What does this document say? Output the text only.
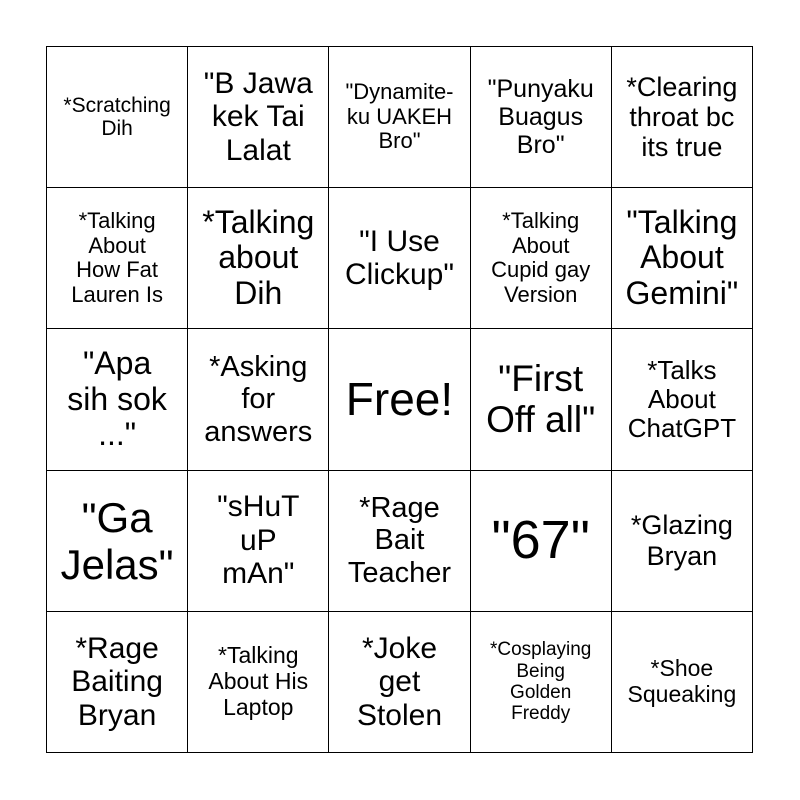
*Scratching
Dih
"B Jawa
kek Tai
Lalat
"Dynamite-
ku UAKEH
Bro"
"Punyaku
Buagus
Bro"
*Clearing
throat bc
its true
*Talking
About
How Fat
Lauren Is
*Talking
about
Dih
"I Use
Clickup"
*Talking
About
Cupid gay
Version
"Talking
About
Gemini"
"Apa
sih sok
..."
*Asking
for
answers
Free!	"First
Off all"
*Talks
About
ChatGPT
"Ga
Jelas"
"sHuT
uP
mAn"
*Rage
Bait
Teacher
"67" *Glazing
Bryan
*Rage
Baiting
Bryan
*Talking
About His
Laptop
*Joke
get
Stolen
*Cosplaying
Being
Golden
Freddy
*Shoe
Squeaking
